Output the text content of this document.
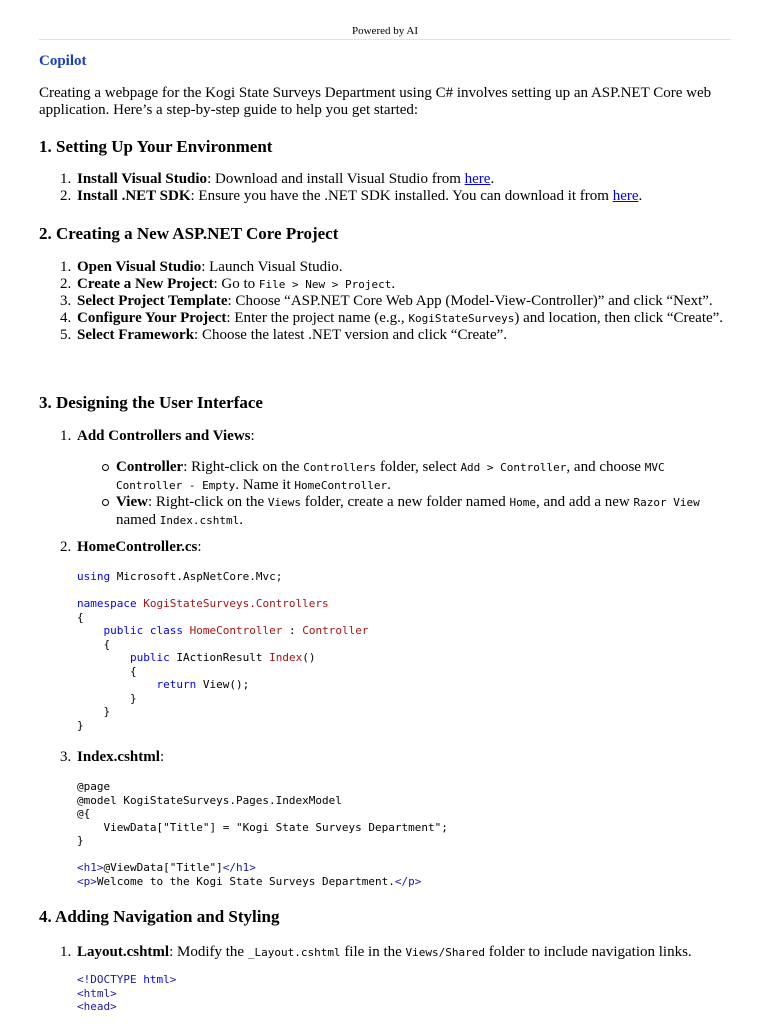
Powered by AI
Copilot
Creating a webpage for the Kogi State Surveys Department using C# involves setting up an ASP.NET Core web application. Here’s a step-by-step guide to help you get started:
1. Setting Up Your Environment
1. Install Visual Studio: Download and install Visual Studio from here.
2. Install .NET SDK: Ensure you have the .NET SDK installed. You can download it from here.
2. Creating a New ASP.NET Core Project
1. Open Visual Studio: Launch Visual Studio.
2. Create a New Project: Go to File > New > Project.
3. Select Project Template: Choose “ASP.NET Core Web App (Model-View-Controller)” and click “Next”.
4. Configure Your Project: Enter the project name (e.g., KogiStateSurveys) and location, then click “Create”.
5. Select Framework: Choose the latest .NET version and click “Create”.
3. Designing the User Interface
1. Add Controllers and Views:
Controller: Right-click on the Controllers folder, select Add > Controller, and choose MVC Controller - Empty. Name it HomeController.
View: Right-click on the Views folder, create a new folder named Home, and add a new Razor View named Index.cshtml.
2. HomeController.cs:
using Microsoft.AspNetCore.Mvc;

namespace KogiStateSurveys.Controllers
{
public class HomeController : Controller
{
public IActionResult Index()
{
return View();
}
}
}
3. Index.cshtml:
@page
@model KogiStateSurveys.Pages.IndexModel
@{
ViewData["Title"] = "Kogi State Surveys Department";
}

<h1>@ViewData["Title"]</h1>
<p>Welcome to the Kogi State Surveys Department.</p>
4. Adding Navigation and Styling
1. Layout.cshtml: Modify the _Layout.cshtml file in the Views/Shared folder to include navigation links.
<!DOCTYPE html>
<html>
<head>
